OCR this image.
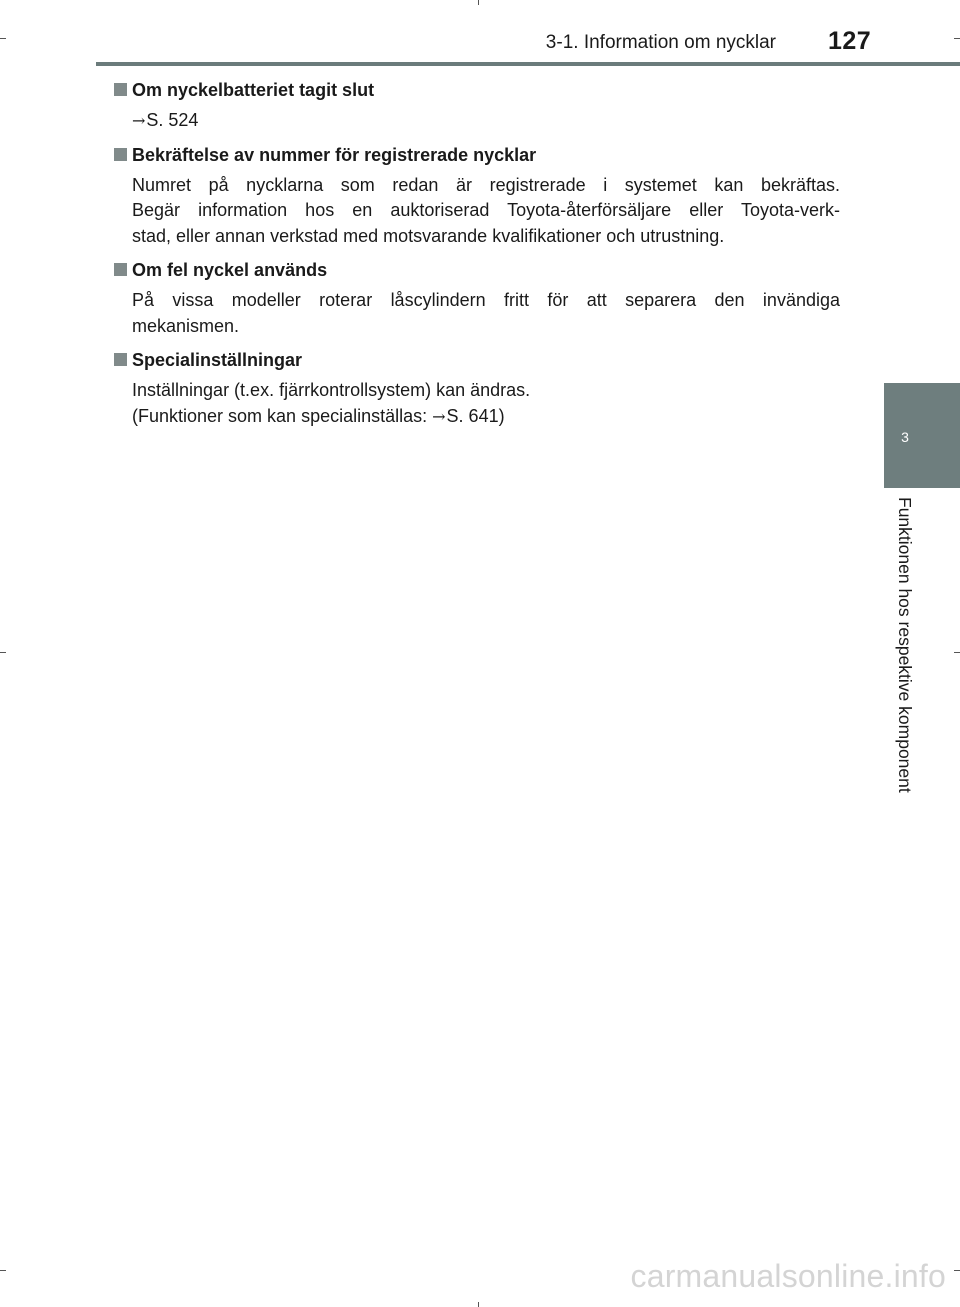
3-1. Information om nycklar 127
Om nyckelbatteriet tagit slut
→S. 524
Bekräftelse av nummer för registrerade nycklar
Numret på nycklarna som redan är registrerade i systemet kan bekräftas.
Begär information hos en auktoriserad Toyota-återförsäljare eller Toyota-verk-
stad, eller annan verkstad med motsvarande kvalifikationer och utrustning.
Om fel nyckel används
På vissa modeller roterar låscylindern fritt för att separera den invändiga
mekanismen.
Specialinställningar
Inställningar (t.ex. fjärrkontrollsystem) kan ändras.
(Funktioner som kan specialinställas: →S. 641)
3
Funktionen hos respektive komponent
carmanualsonline.info
